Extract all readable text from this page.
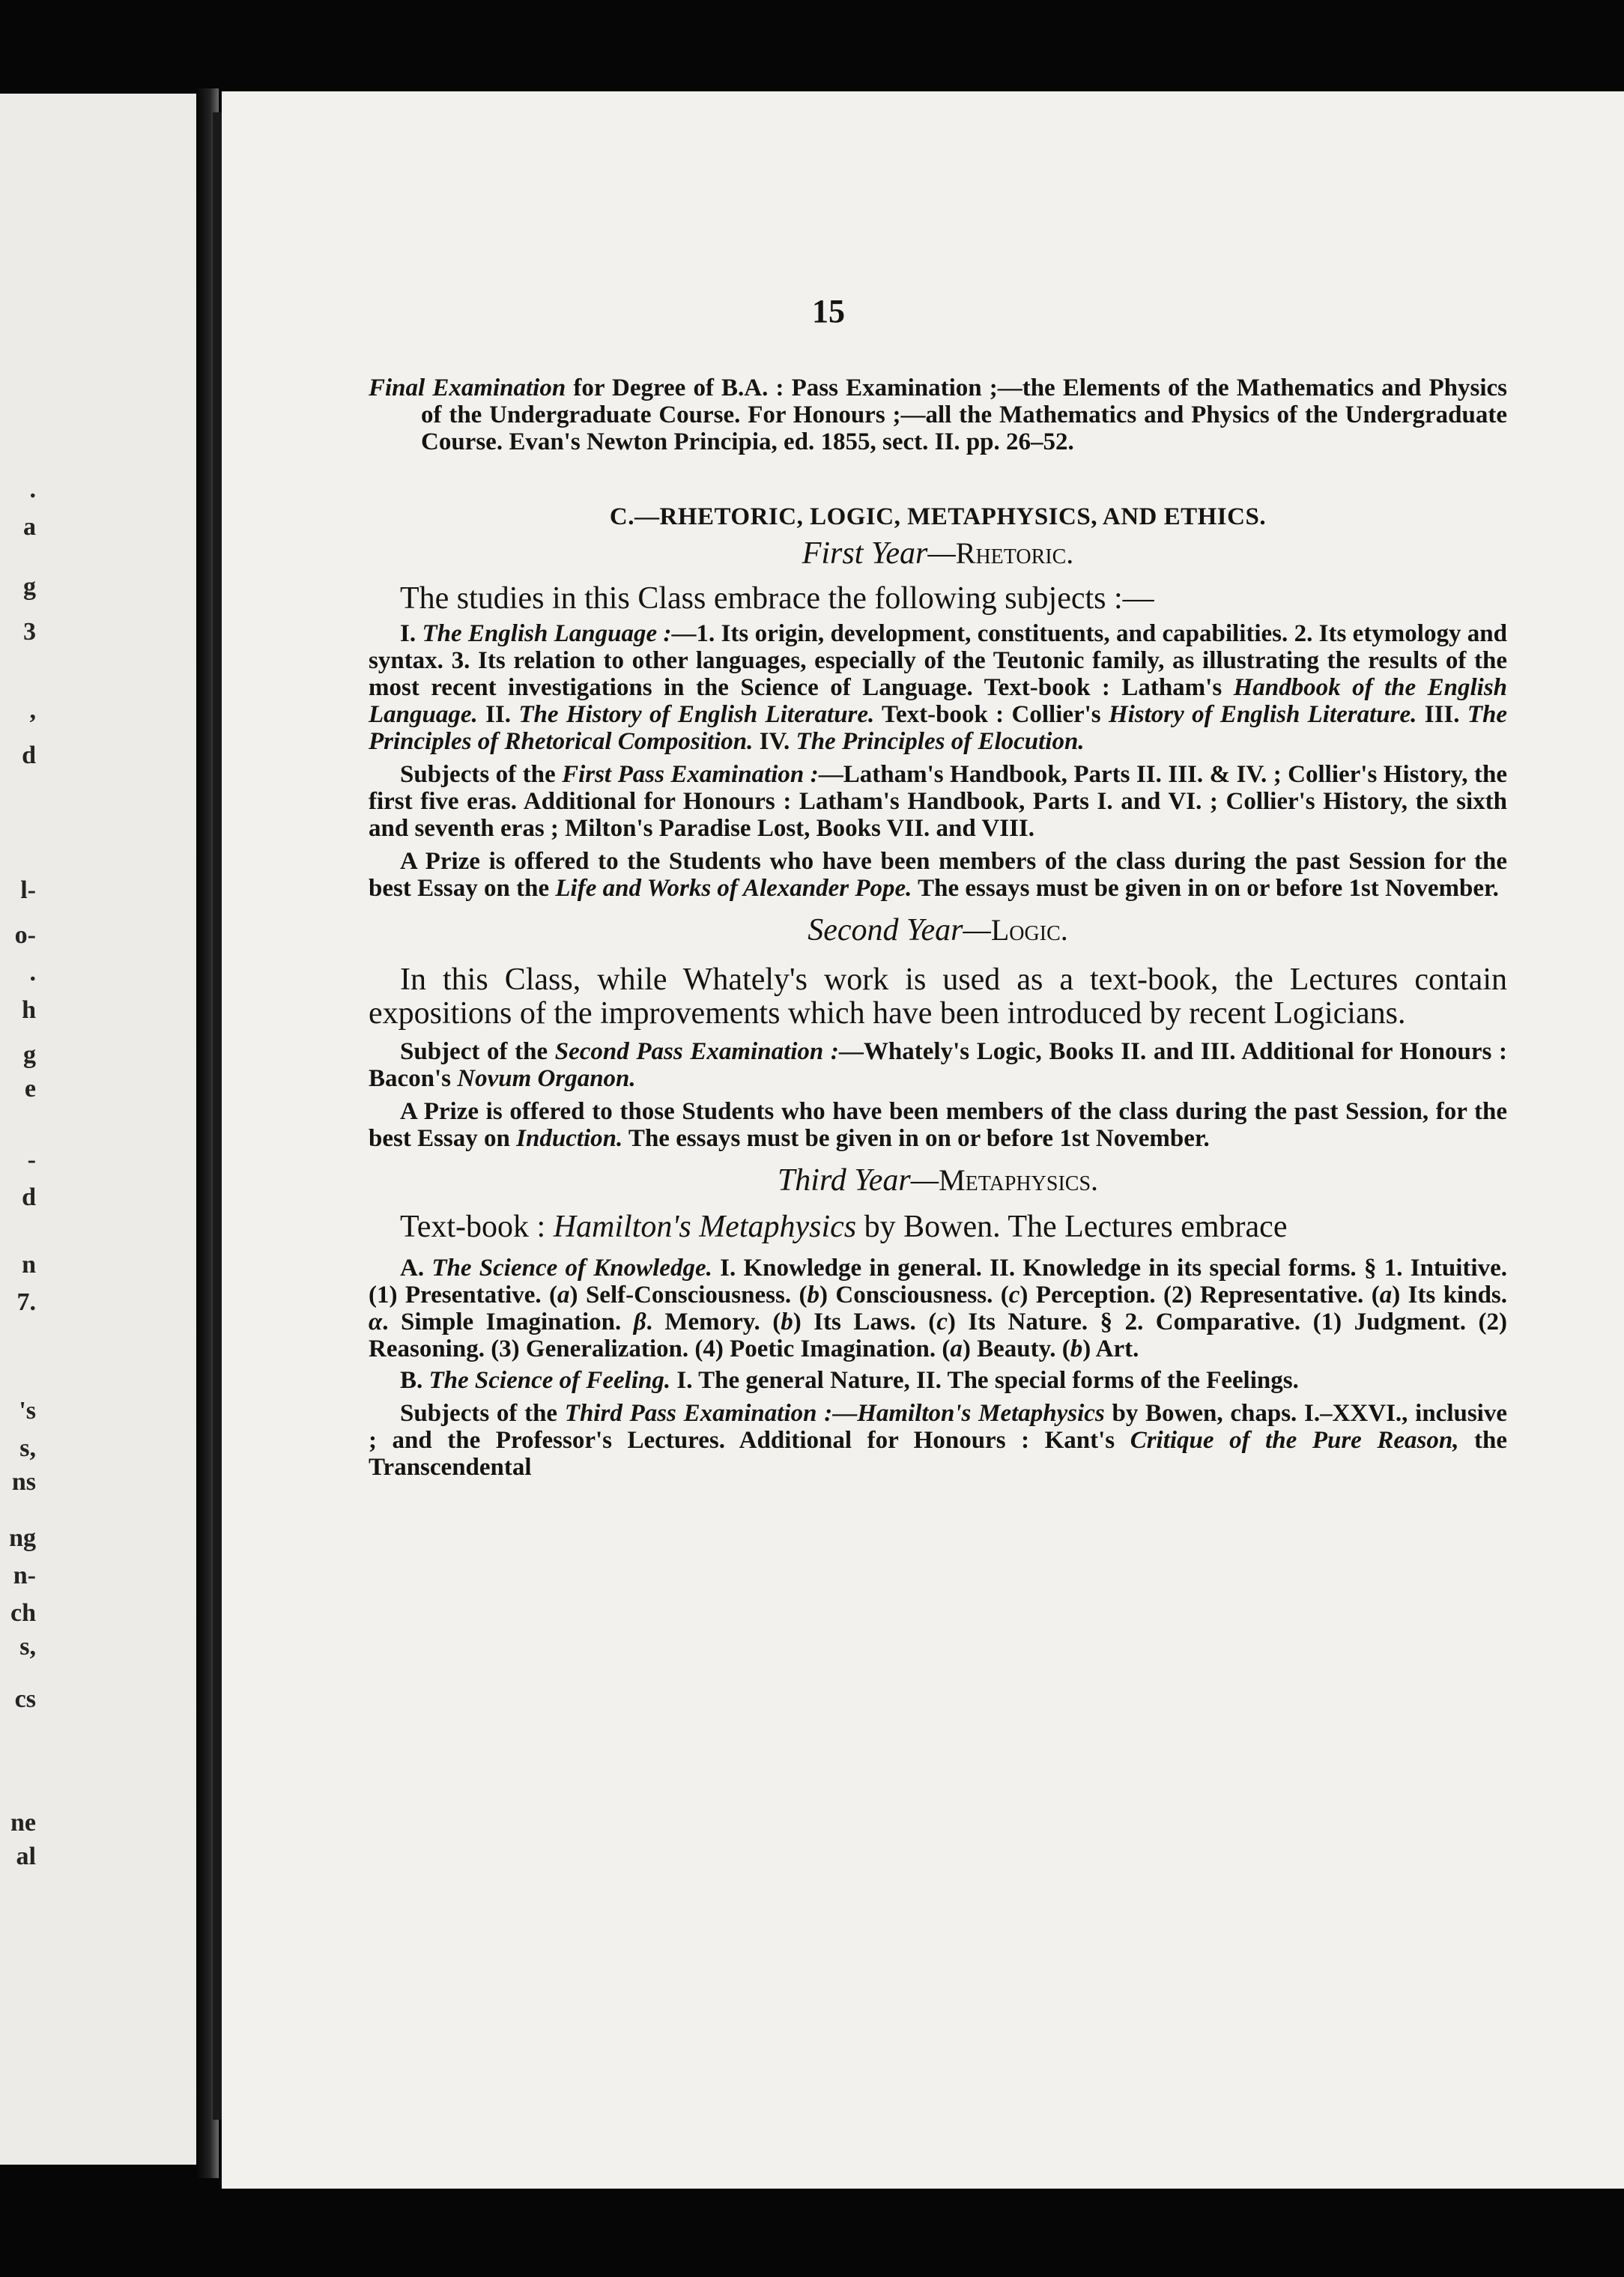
.
a
g
3
,
d
l-
o-
.
h
g
e
-
d
n
7.
's
s,
ns
ng
n-
ch
s,
cs
ne
al
15

Final Examination for Degree of B.A. : Pass Examination ;—the Elements of the Mathematics and Physics of the Undergraduate Course. For Honours ;—all the Mathematics and Physics of the Undergraduate Course. Evan's Newton Principia, ed. 1855, sect. II. pp. 26–52.

C.—RHETORIC, LOGIC, METAPHYSICS, AND ETHICS.
First Year—Rhetoric.

The studies in this Class embrace the following subjects :—

I. The English Language :—1. Its origin, development, constituents, and capabilities. 2. Its etymology and syntax. 3. Its relation to other languages, especially of the Teutonic family, as illustrating the results of the most recent investigations in the Science of Language. Text-book : Latham's Handbook of the English Language. II. The History of English Literature. Text-book : Collier's History of English Literature. III. The Principles of Rhetorical Composition. IV. The Principles of Elocution.

Subjects of the First Pass Examination :—Latham's Handbook, Parts II. III. & IV. ; Collier's History, the first five eras. Additional for Honours : Latham's Handbook, Parts I. and VI. ; Collier's History, the sixth and seventh eras ; Milton's Paradise Lost, Books VII. and VIII.

A Prize is offered to the Students who have been members of the class during the past Session for the best Essay on the Life and Works of Alexander Pope. The essays must be given in on or before 1st November.

Second Year—Logic.

In this Class, while Whately's work is used as a text-book, the Lectures contain expositions of the improvements which have been introduced by recent Logicians.

Subject of the Second Pass Examination :—Whately's Logic, Books II. and III. Additional for Honours : Bacon's Novum Organon.

A Prize is offered to those Students who have been members of the class during the past Session, for the best Essay on Induction. The essays must be given in on or before 1st November.

Third Year—Metaphysics.

Text-book : Hamilton's Metaphysics by Bowen. The Lectures embrace

A. The Science of Knowledge. I. Knowledge in general. II. Knowledge in its special forms. § 1. Intuitive. (1) Presentative. (a) Self-Consciousness. (b) Consciousness. (c) Perception. (2) Representative. (a) Its kinds. α. Simple Imagination. β. Memory. (b) Its Laws. (c) Its Nature. § 2. Comparative. (1) Judgment. (2) Reasoning. (3) Generalization. (4) Poetic Imagination. (a) Beauty. (b) Art.

B. The Science of Feeling. I. The general Nature, II. The special forms of the Feelings.

Subjects of the Third Pass Examination :—Hamilton's Metaphysics by Bowen, chaps. I.–XXVI., inclusive ; and the Professor's Lectures. Additional for Honours : Kant's Critique of the Pure Reason, the Transcendental
